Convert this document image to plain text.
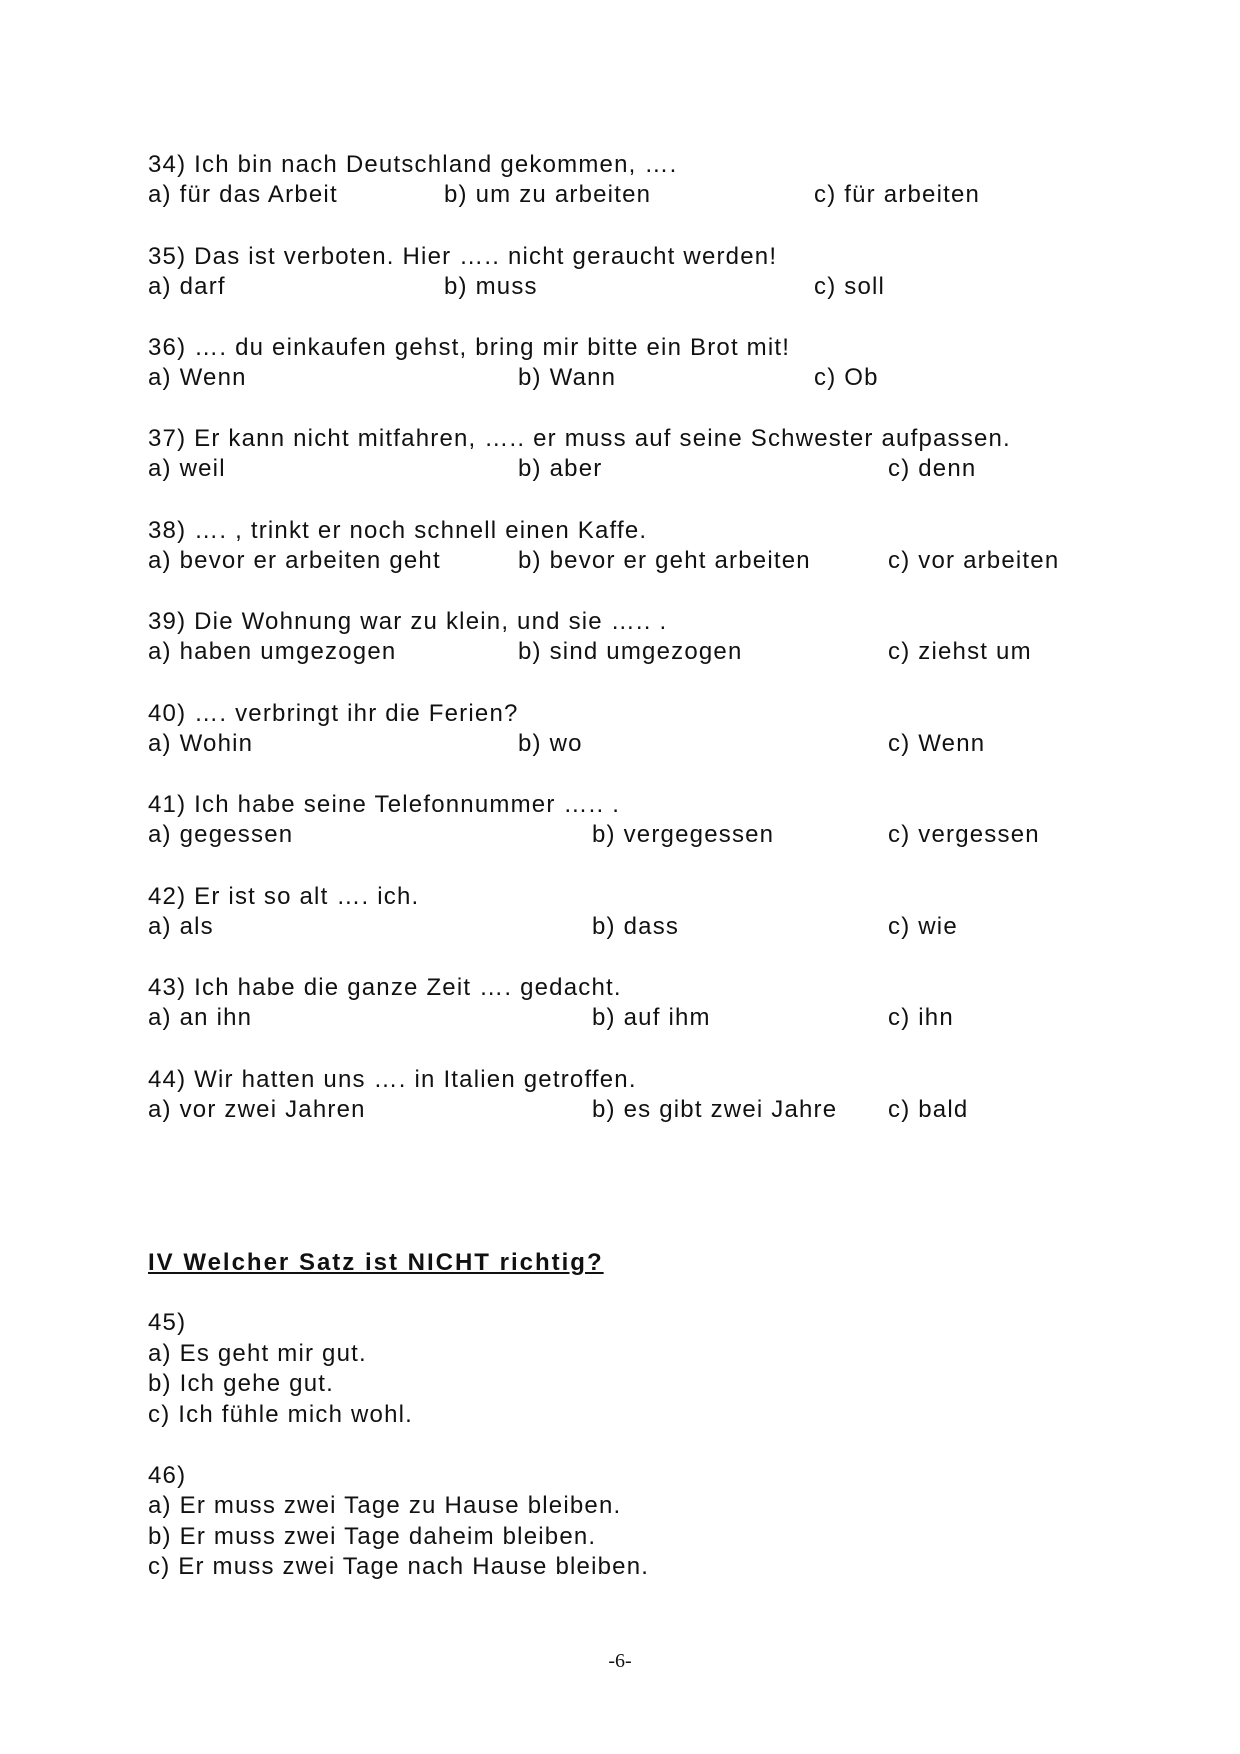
34) Ich bin nach Deutschland gekommen, ….
a) für das Arbeit	b) um zu arbeiten	c) für arbeiten
35) Das ist verboten. Hier ….. nicht geraucht werden!
a) darf	b) muss	c) soll
36) …. du einkaufen gehst, bring mir bitte ein Brot mit!
a) Wenn	b) Wann	c) Ob
37) Er kann nicht mitfahren, ….. er muss auf seine Schwester aufpassen.
a) weil	b) aber	c) denn
38) …. , trinkt er noch schnell einen Kaffe.
a) bevor er arbeiten geht	b) bevor er geht arbeiten	c) vor arbeiten
39) Die Wohnung war zu klein, und sie ….. .
a) haben umgezogen	b) sind umgezogen	c) ziehst um
40) …. verbringt ihr die Ferien?
a) Wohin	b) wo	c) Wenn
41) Ich habe seine Telefonnummer ….. .
a) gegessen	b) vergegessen	c) vergessen
42) Er ist so alt …. ich.
a) als	b) dass	c) wie
43) Ich habe die ganze Zeit …. gedacht.
a) an ihn	b) auf ihm	c) ihn
44) Wir hatten uns …. in Italien getroffen.
a) vor zwei Jahren	b) es gibt zwei Jahre c) bald
IV Welcher Satz ist NICHT richtig?
45)
a) Es geht mir gut.
b) Ich gehe gut.
c) Ich fühle mich wohl.
46)
a) Er muss zwei Tage zu Hause bleiben.
b) Er muss zwei Tage daheim bleiben.
c) Er muss zwei Tage nach Hause bleiben.
-6-
